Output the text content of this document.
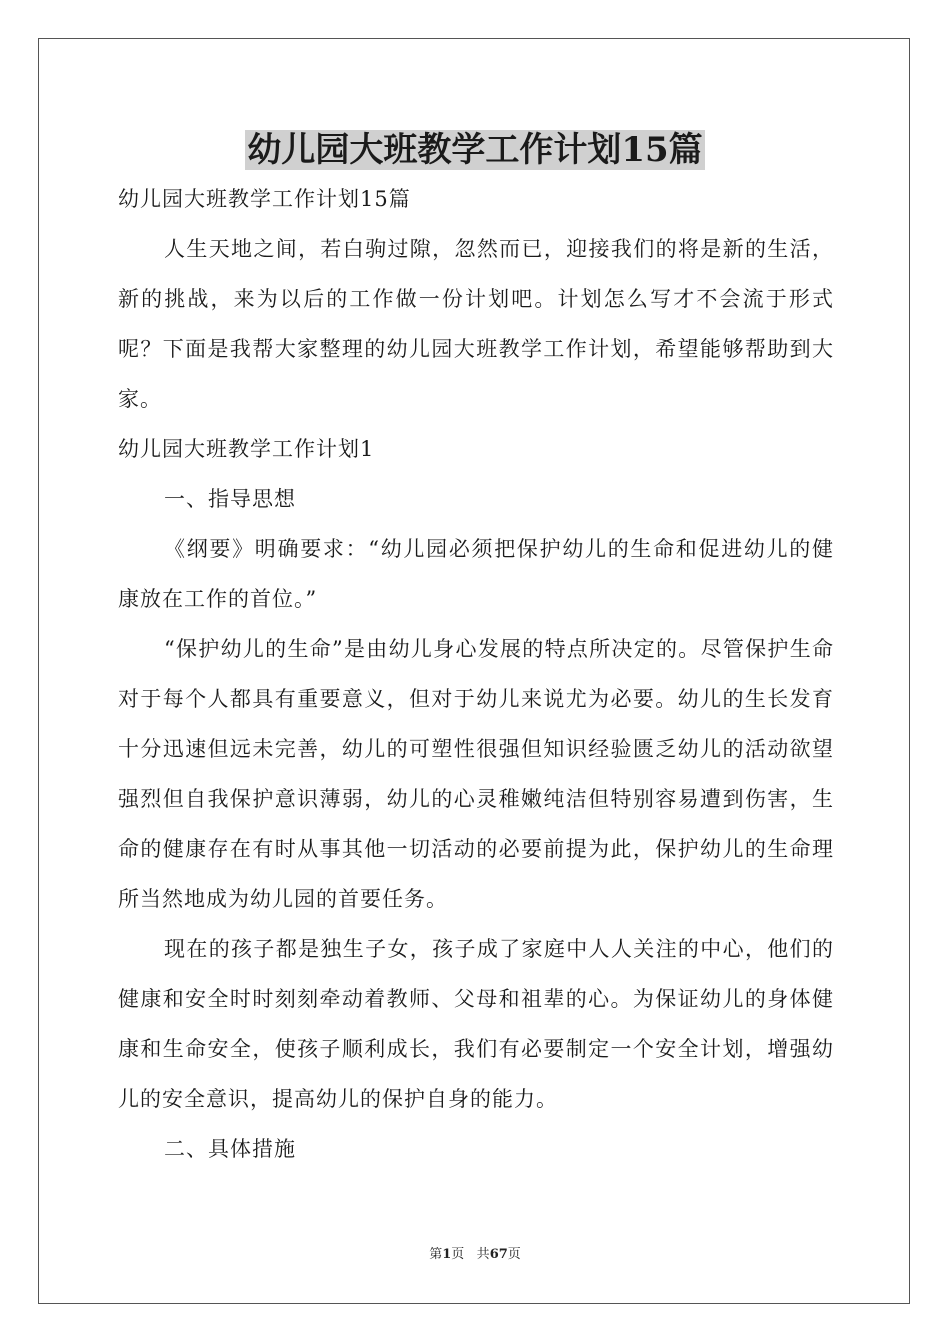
幼儿园大班教学工作计划15篇

幼儿园大班教学工作计划15篇

人生天地之间，若白驹过隙，忽然而已，迎接我们的将是新的生活，新的挑战，来为以后的工作做一份计划吧。计划怎么写才不会流于形式呢？下面是我帮大家整理的幼儿园大班教学工作计划，希望能够帮助到大家。

幼儿园大班教学工作计划1

一、指导思想

《纲要》明确要求：“幼儿园必须把保护幼儿的生命和促进幼儿的健康放在工作的首位。”

“保护幼儿的生命”是由幼儿身心发展的特点所决定的。尽管保护生命对于每个人都具有重要意义，但对于幼儿来说尤为必要。幼儿的生长发育十分迅速但远未完善，幼儿的可塑性很强但知识经验匮乏幼儿的活动欲望强烈但自我保护意识薄弱，幼儿的心灵稚嫩纯洁但特别容易遭到伤害，生命的健康存在有时从事其他一切活动的必要前提为此，保护幼儿的生命理所当然地成为幼儿园的首要任务。

现在的孩子都是独生子女，孩子成了家庭中人人关注的中心，他们的健康和安全时时刻刻牵动着教师、父母和祖辈的心。为保证幼儿的身体健康和生命安全，使孩子顺利成长，我们有必要制定一个安全计划，增强幼儿的安全意识，提高幼儿的保护自身的能力。

二、具体措施

第1页 共67页
